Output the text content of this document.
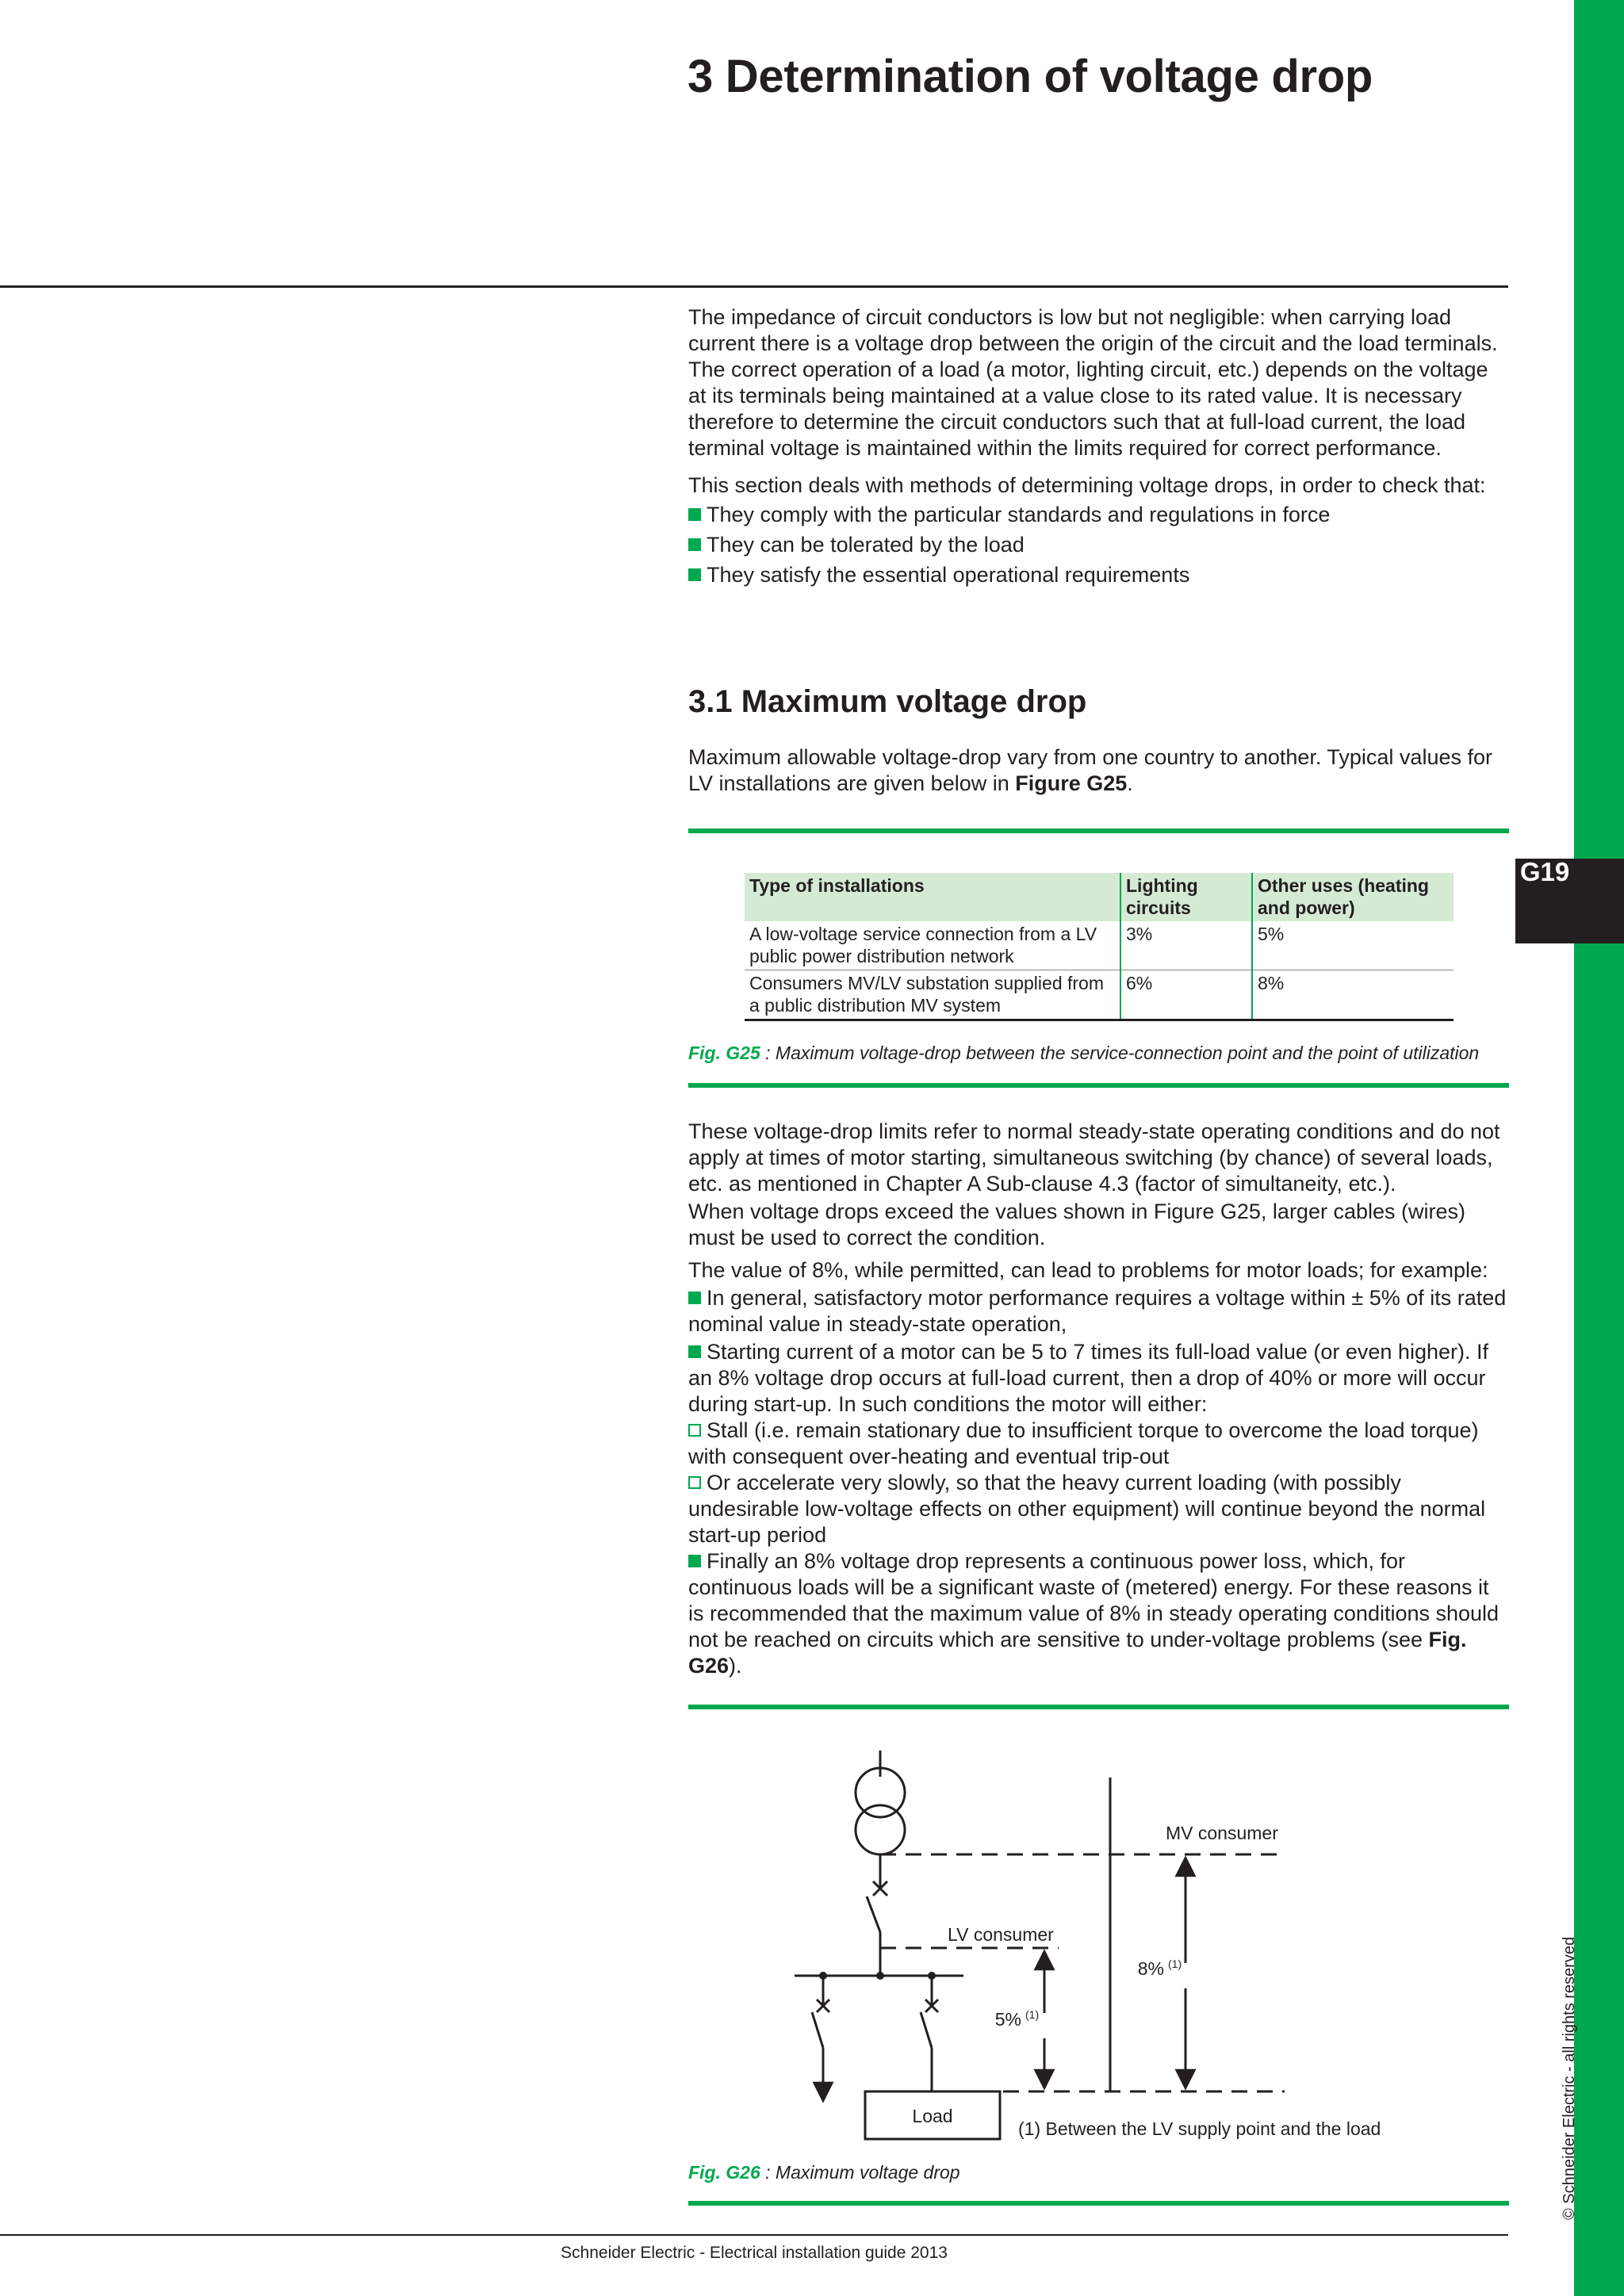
G19
© Schneider Electric - all rights reserved
3 Determination of voltage drop

The impedance of circuit conductors is low but not negligible: when carrying load current there is a voltage drop between the origin of the circuit and the load terminals. The correct operation of a load (a motor, lighting circuit, etc.) depends on the voltage at its terminals being maintained at a value close to its rated value. It is necessary therefore to determine the circuit conductors such that at full-load current, the load terminal voltage is maintained within the limits required for correct performance.

This section deals with methods of determining voltage drops, in order to check that:

They comply with the particular standards and regulations in force

They can be tolerated by the load

They satisfy the essential operational requirements

3.1 Maximum voltage drop

Maximum allowable voltage-drop vary from one country to another. Typical values for LV installations are given below in Figure G25.

Type of installations	Lighting circuits	Other uses (heating and power)
A low-voltage service connection from a LV public power distribution network	3%	5%
Consumers MV/LV substation supplied from a public distribution MV system	6%	8%
Fig. G25 : Maximum voltage-drop between the service-connection point and the point of utilization

These voltage-drop limits refer to normal steady-state operating conditions and do not apply at times of motor starting, simultaneous switching (by chance) of several loads, etc. as mentioned in Chapter A Sub-clause 4.3 (factor of simultaneity, etc.).

When voltage drops exceed the values shown in Figure G25, larger cables (wires) must be used to correct the condition.

The value of 8%, while permitted, can lead to problems for motor loads; for example:

In general, satisfactory motor performance requires a voltage within ± 5% of its rated nominal value in steady-state operation,

Starting current of a motor can be 5 to 7 times its full-load value (or even higher). If an 8% voltage drop occurs at full-load current, then a drop of 40% or more will occur during start-up. In such conditions the motor will either:

Stall (i.e. remain stationary due to insufficient torque to overcome the load torque) with consequent over-heating and eventual trip-out

Or accelerate very slowly, so that the heavy current loading (with possibly undesirable low-voltage effects on other equipment) will continue beyond the normal start-up period

Finally an 8% voltage drop represents a continuous power loss, which, for continuous loads will be a significant waste of (metered) energy. For these reasons it is recommended that the maximum value of 8% in steady operating conditions should not be reached on circuits which are sensitive to under-voltage problems (see Fig. G26).

MV consumer
LV consumer
8% (1)
5% (1)
Load
(1) Between the LV supply point and the load
Fig. G26 : Maximum voltage drop
Schneider Electric - Electrical installation guide 2013
